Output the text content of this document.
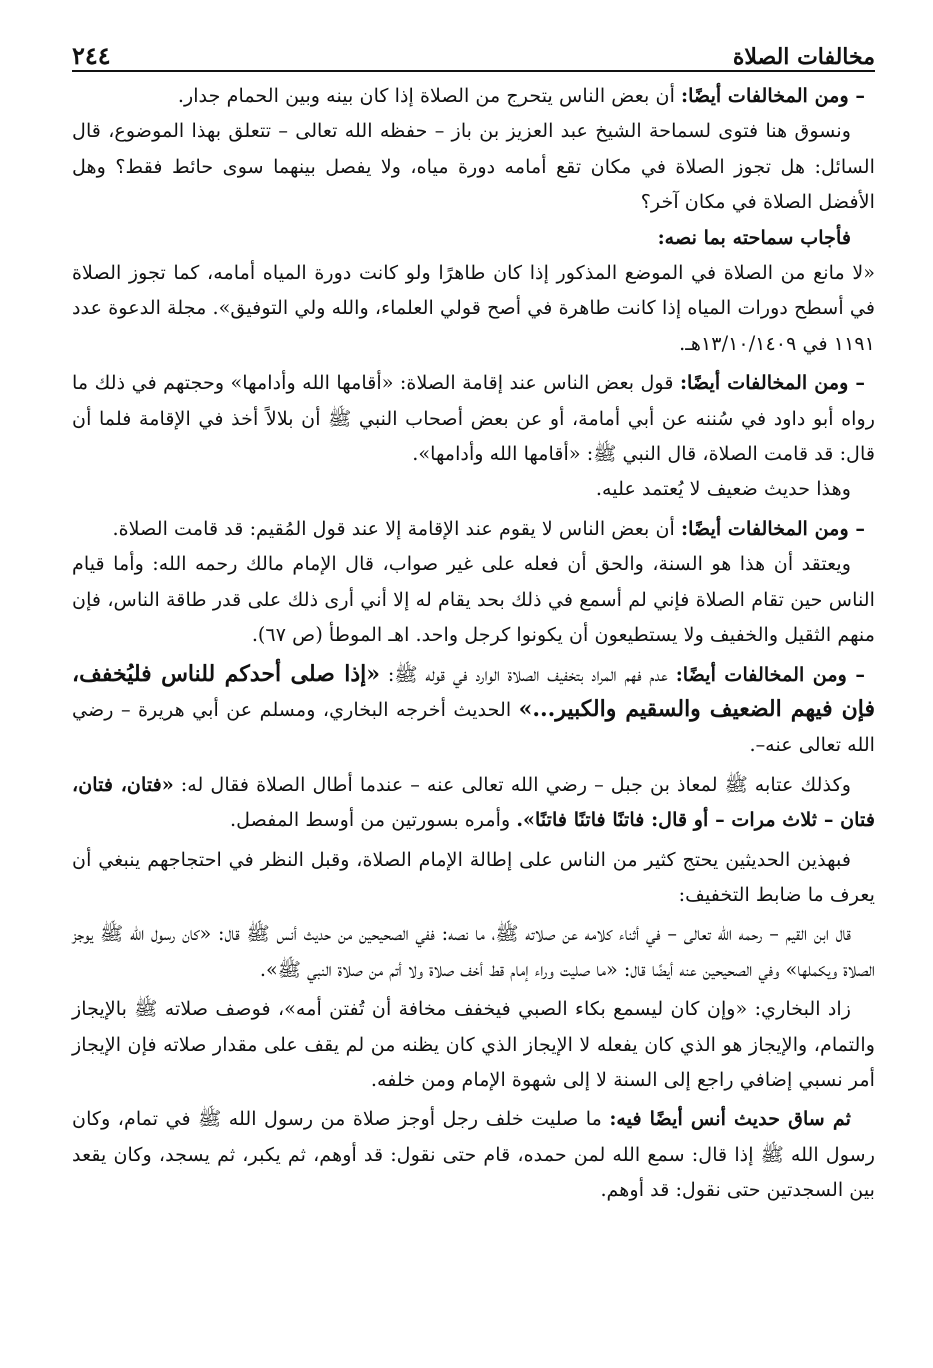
مخالفات الصلاة
٢٤٤

– ومن المخالفات أيضًا: أن بعض الناس يتحرج من الصلاة إذا كان بينه وبين الحمام جدار.

ونسوق هنا فتوى لسماحة الشيخ عبد العزيز بن باز – حفظه الله تعالى – تتعلق بهذا الموضوع، قال السائل: هل تجوز الصلاة في مكان تقع أمامه دورة مياه، ولا يفصل بينهما سوى حائط فقط؟ وهل الأفضل الصلاة في مكان آخر؟

فأجاب سماحته بما نصه:

«لا مانع من الصلاة في الموضع المذكور إذا كان طاهرًا ولو كانت دورة المياه أمامه، كما تجوز الصلاة في أسطح دورات المياه إذا كانت طاهرة في أصح قولي العلماء، والله ولي التوفيق». مجلة الدعوة عدد ١١٩١ في ١٣/١٠/١٤٠٩هـ.

– ومن المخالفات أيضًا: قول بعض الناس عند إقامة الصلاة: «أقامها الله وأدامها» وحجتهم في ذلك ما رواه أبو داود في سُننه عن أبي أمامة، أو عن بعض أصحاب النبي ﷺ أن بلالاً أخذ في الإقامة فلما أن قال: قد قامت الصلاة، قال النبي ﷺ: «أقامها الله وأدامها».

وهذا حديث ضعيف لا يُعتمد عليه.

– ومن المخالفات أيضًا: أن بعض الناس لا يقوم عند الإقامة إلا عند قول المُقيم: قد قامت الصلاة.

ويعتقد أن هذا هو السنة، والحق أن فعله على غير صواب، قال الإمام مالك رحمه الله: وأما قيام الناس حين تقام الصلاة فإني لم أسمع في ذلك بحد يقام له إلا أني أرى ذلك على قدر طاقة الناس، فإن منهم الثقيل والخفيف ولا يستطيعون أن يكونوا كرجل واحد. اهـ الموطأ (ص ٦٧).

– ومن المخالفات أيضًا: عدم فهم المراد بتخفيف الصلاة الوارد في قوله ﷺ: «إذا صلى أحدكم للناس فليُخفف، فإن فيهم الضعيف والسقيم والكبير...» الحديث أخرجه البخاري، ومسلم عن أبي هريرة – رضي الله تعالى عنه–.

وكذلك عتابه ﷺ لمعاذ بن جبل – رضي الله تعالى عنه – عندما أطال الصلاة فقال له: «فتان، فتان، فتان – ثلاث مرات – أو قال: فاتنًا فاتنًا فاتنًا». وأمره بسورتين من أوسط المفصل.

فبهذين الحديثين يحتج كثير من الناس على إطالة الإمام الصلاة، وقبل النظر في احتجاجهم ينبغي أن يعرف ما ضابط التخفيف:

قال ابن القيم – رحمه الله تعالى – في أثناء كلامه عن صلاته ﷺ، ما نصه: ففي الصحيحين من حديث أنس ﷺ قال: «كان رسول الله ﷺ يوجز الصلاة ويكملها» وفي الصحيحين عنه أيضًا قال: «ما صليت وراء إمام قط أخف صلاة ولا أتم من صلاة النبي ﷺ».

زاد البخاري: «وإن كان ليسمع بكاء الصبي فيخفف مخافة أن تُفتن أمه»، فوصف صلاته ﷺ بالإيجاز والتمام، والإيجاز هو الذي كان يفعله لا الإيجاز الذي كان يظنه من لم يقف على مقدار صلاته فإن الإيجاز أمر نسبي إضافي راجع إلى السنة لا إلى شهوة الإمام ومن خلفه.

ثم ساق حديث أنس أيضًا فيه: ما صليت خلف رجل أوجز صلاة من رسول الله ﷺ في تمام، وكان رسول الله ﷺ إذا قال: سمع الله لمن حمده، قام حتى نقول: قد أوهم، ثم يكبر، ثم يسجد، وكان يقعد بين السجدتين حتى نقول: قد أوهم.
